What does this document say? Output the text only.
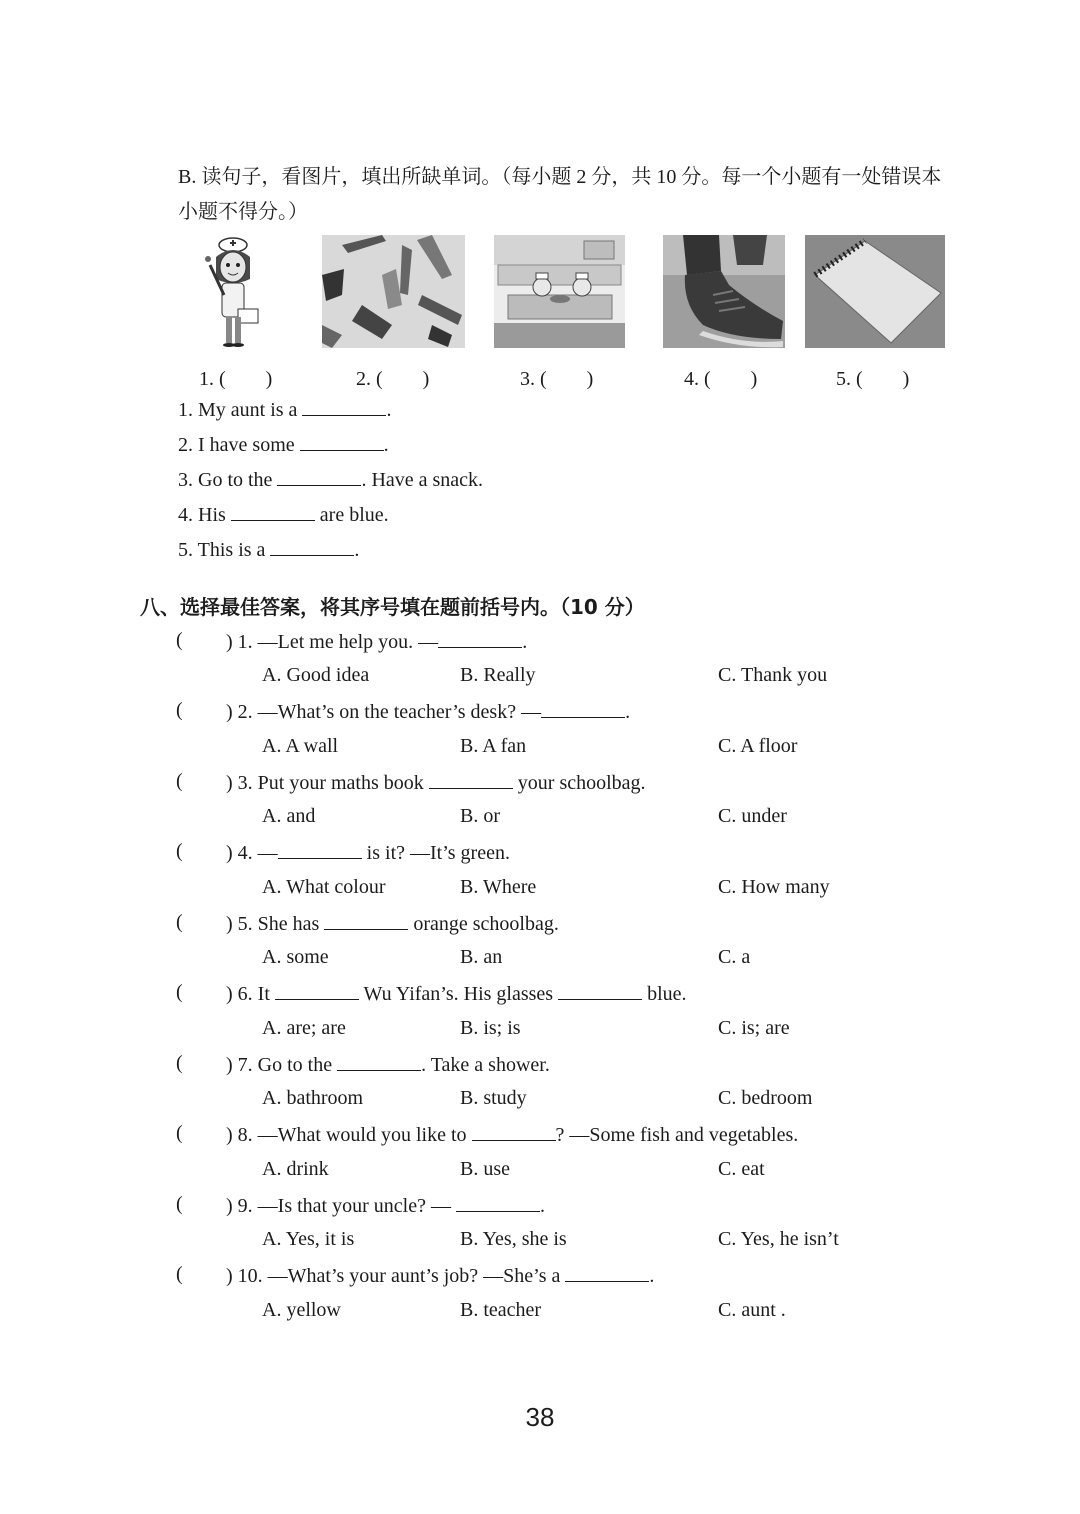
B. 读句子，看图片，填出所缺单词。（每小题 2 分，共 10 分。每一个小题有一处错误本小题不得分。）
1. (　　)	2. (　　)	3. (　　)	4. (　　)	5. (　　)
1. My aunt is a	.
2. I have some	.
3. Go to the	. Have a snack.
4. His	are blue.
5. This is a	.
八、选择最佳答案，将其序号填在题前括号内。（10 分）
( ) 1. —Let me help you. —	.
A. Good idea	B. Really	C. Thank you
( ) 2. —What’s on the teacher’s desk? —	.
A. A wall	B. A fan	C. A floor
( ) 3. Put your maths book	your schoolbag.
A. and	B. or	C. under
( ) 4. —	is it? —It’s green.
A. What colour	B. Where	C. How many
( ) 5. She has	orange schoolbag.
A. some	B. an	C. a
( ) 6. It	Wu Yifan’s. His glasses	blue.
A. are; are	B. is; is	C. is; are
( ) 7. Go to the	. Take a shower.
A. bathroom	B. study	C. bedroom
( ) 8. —What would you like to	? —Some fish and vegetables.
A. drink	B. use	C. eat
( ) 9. —Is that your uncle? —	.
A. Yes, it is	B. Yes, she is	C. Yes, he isn’t
( ) 10. —What’s your aunt’s job? —She’s a	.
A. yellow	B. teacher	C. aunt .
38
